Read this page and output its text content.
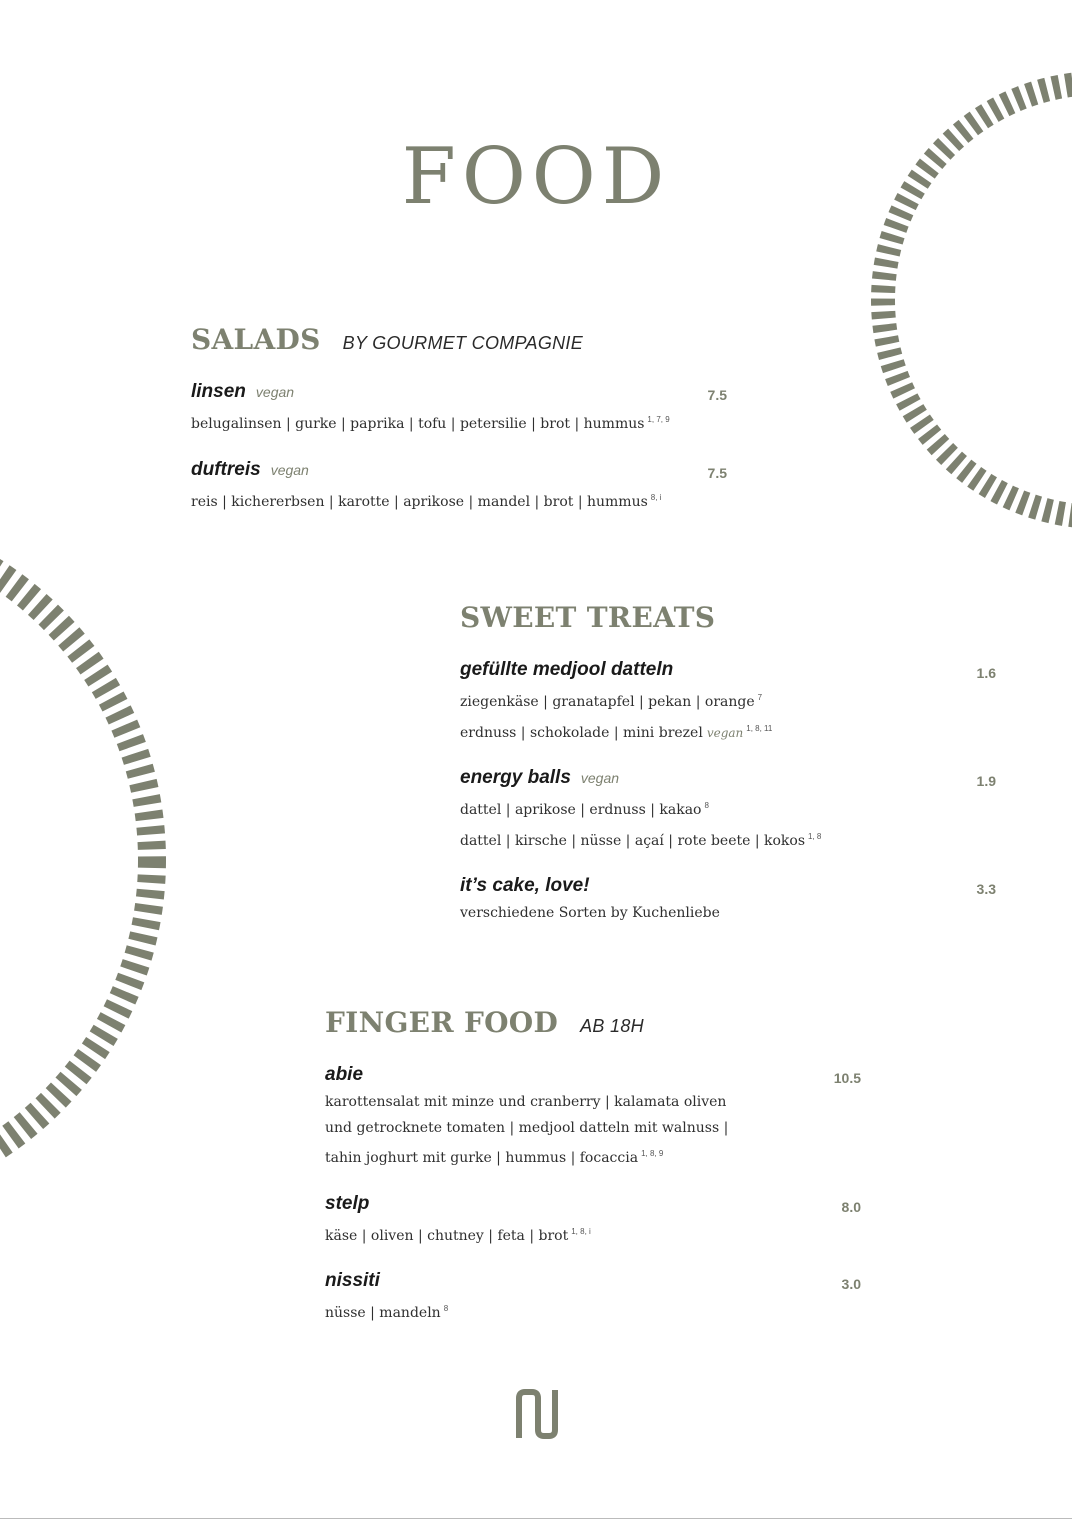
FOOD
SALADS BY GOURMET COMPAGNIE
linsen vegan	7.5
belugalinsen | gurke | paprika | tofu | petersilie | brot | hummus $^{1, 7, 9}$
duftreis vegan	7.5
reis | kichererbsen | karotte | aprikose | mandel | brot | hummus $^{8, i}$
SWEET TREATS
gefüllte medjool datteln	1.6
ziegenkäse | granatapfel | pekan | orange $^7$
erdnuss | schokolade | mini brezel vegan $^{1, 8, 11}$
energy balls vegan	1.9
dattel | aprikose | erdnuss | kakao $^8$
dattel | kirsche | nüsse | açaí | rote beete | kokos $^{1, 8}$
it’s cake, love!	3.3
verschiedene Sorten by Kuchenliebe
FINGER FOOD AB 18H
abie	10.5
karottensalat mit minze und cranberry | kalamata oliven
und getrocknete tomaten | medjool datteln mit walnuss |
tahin joghurt mit gurke | hummus | focaccia $^{1, 8, 9}$
stelp	8.0
käse | oliven | chutney | feta | brot $^{1, 8, i}$
nissiti	3.0
nüsse | mandeln $^8$
